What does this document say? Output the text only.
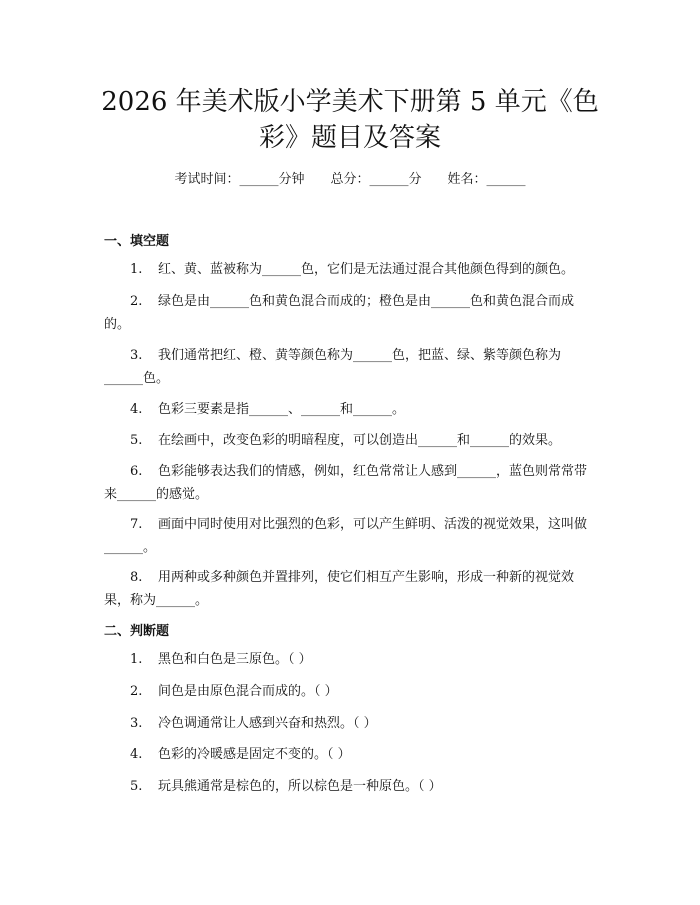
2026 年美术版小学美术下册第 5 单元《色彩》题目及答案
考试时间：______分钟 总分：______分 姓名：______
一、填空题

1. 红、黄、蓝被称为______色，它们是无法通过混合其他颜色得到的颜色。

2. 绿色是由______色和黄色混合而成的；橙色是由______色和黄色混合而成的。

3. 我们通常把红、橙、黄等颜色称为______色，把蓝、绿、紫等颜色称为______色。

4. 色彩三要素是指______、______和______。

5. 在绘画中，改变色彩的明暗程度，可以创造出______和______的效果。

6. 色彩能够表达我们的情感，例如，红色常常让人感到______，蓝色则常常带来______的感觉。

7. 画面中同时使用对比强烈的色彩，可以产生鲜明、活泼的视觉效果，这叫做______。

8. 用两种或多种颜色并置排列，使它们相互产生影响，形成一种新的视觉效果，称为______。

二、判断题

1. 黑色和白色是三原色。（ ）

2. 间色是由原色混合而成的。（ ）

3. 冷色调通常让人感到兴奋和热烈。（ ）

4. 色彩的冷暖感是固定不变的。（ ）

5. 玩具熊通常是棕色的，所以棕色是一种原色。（ ）
